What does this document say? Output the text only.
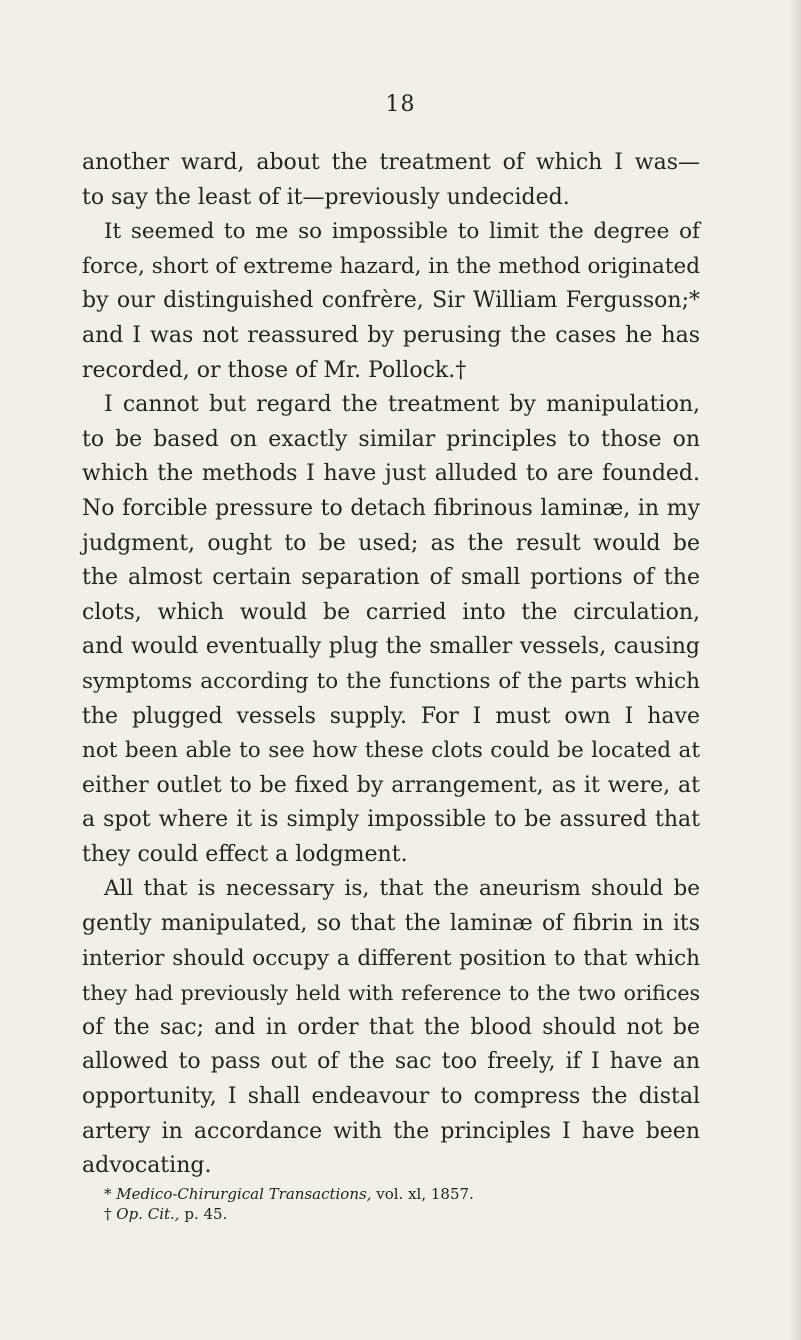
18
another ward, about the treatment of which I was—
to say the least of it—previously undecided.
It seemed to me so impossible to limit the degree of
force, short of extreme hazard, in the method originated
by our distinguished confrère, Sir William Fergusson;*
and I was not reassured by perusing the cases he has
recorded, or those of Mr. Pollock.†
I cannot but regard the treatment by manipulation,
to be based on exactly similar principles to those on
which the methods I have just alluded to are founded.
No forcible pressure to detach fibrinous laminæ, in my
judgment, ought to be used; as the result would be
the almost certain separation of small portions of the
clots, which would be carried into the circulation,
and would eventually plug the smaller vessels, causing
symptoms according to the functions of the parts which
the plugged vessels supply. For I must own I have
not been able to see how these clots could be located at
either outlet to be fixed by arrangement, as it were, at
a spot where it is simply impossible to be assured that
they could effect a lodgment.
All that is necessary is, that the aneurism should be
gently manipulated, so that the laminæ of fibrin in its
interior should occupy a different position to that which
they had previously held with reference to the two orifices
of the sac; and in order that the blood should not be
allowed to pass out of the sac too freely, if I have an
opportunity, I shall endeavour to compress the distal
artery in accordance with the principles I have been
advocating.
* Medico-Chirurgical Transactions, vol. xl, 1857.
† Op. Cit., p. 45.
